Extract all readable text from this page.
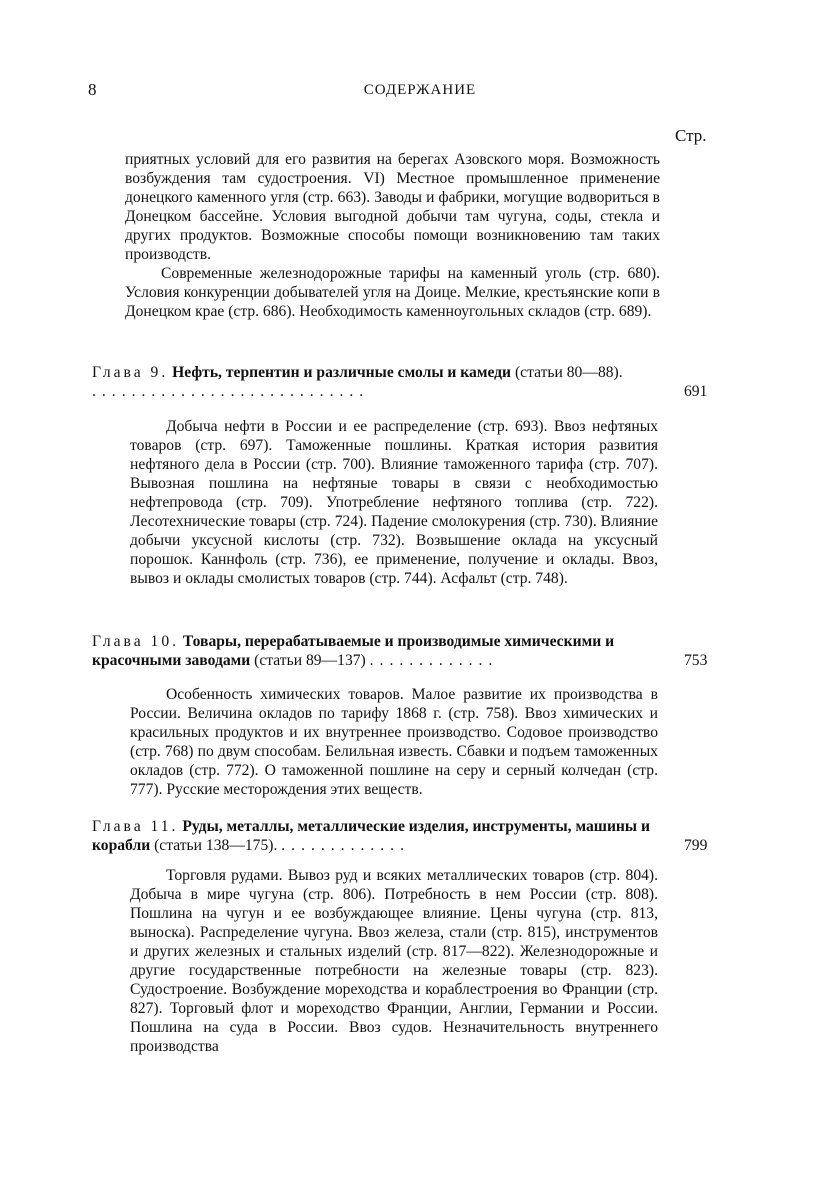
8	СОДЕРЖАНИЕ
Стр.

приятных условий для его развития на берегах Азовского моря. Возможность возбуждения там судостроения. VI) Местное промышленное применение донецкого каменного угля (стр. 663). Заводы и фабрики, могущие водвориться в Донецком бассейне. Условия выгодной добычи там чугуна, соды, стекла и других продуктов. Возможные способы помощи возникновению там таких производств.

Современные железнодорожные тарифы на каменный уголь (стр. 680). Условия конкуренции добывателей угля на Доице. Мелкие, крестьянские копи в Донецком крае (стр. 686). Необходимость каменноугольных складов (стр. 689).

Глава 9. Нефть, терпентин и различные смолы и камеди (статьи 80—88). ............................	691
Добыча нефти в России и ее распределение (стр. 693). Ввоз нефтяных товаров (стр. 697). Таможенные пошлины. Краткая история развития нефтяного дела в России (стр. 700). Влияние таможенного тарифа (стр. 707). Вывозная пошлина на нефтяные товары в связи с необходимостью нефтепровода (стр. 709). Употребление нефтяного топлива (стр. 722). Лесотехнические товары (стр. 724). Падение смолокурения (стр. 730). Влияние добычи уксусной кислоты (стр. 732). Возвышение оклада на уксусный порошок. Каннфоль (стр. 736), ее применение, получение и оклады. Ввоз, вывоз и оклады смолистых товаров (стр. 744). Асфальт (стр. 748).
Глава 10. Товары, перерабатываемые и производимые химическими и красочными заводами (статьи 89—137) .............	753
Особенность химических товаров. Малое развитие их производства в России. Величина окладов по тарифу 1868 г. (стр. 758). Ввоз химических и красильных продуктов и их внутреннее производство. Содовое производство (стр. 768) по двум способам. Белильная известь. Сбавки и подъем таможенных окладов (стр. 772). О таможенной пошлине на серу и серный колчедан (стр. 777). Русские месторождения этих веществ.
Глава 11. Руды, металлы, металлические изделия, инструменты, машины и корабли (статьи 138—175). .............	799
Торговля рудами. Вывоз руд и всяких металлических товаров (стр. 804). Добыча в мире чугуна (стр. 806). Потребность в нем России (стр. 808). Пошлина на чугун и ее возбуждающее влияние. Цены чугуна (стр. 813, выноска). Распределение чугуна. Ввоз железа, стали (стр. 815), инструментов и других железных и стальных изделий (стр. 817—822). Железнодорожные и другие государственные потребности на железные товары (стр. 823). Судостроение. Возбуждение мореходства и кораблестроения во Франции (стр. 827). Торговый флот и мореходство Франции, Англии, Германии и России. Пошлина на суда в России. Ввоз судов. Незначительность внутреннего производства
